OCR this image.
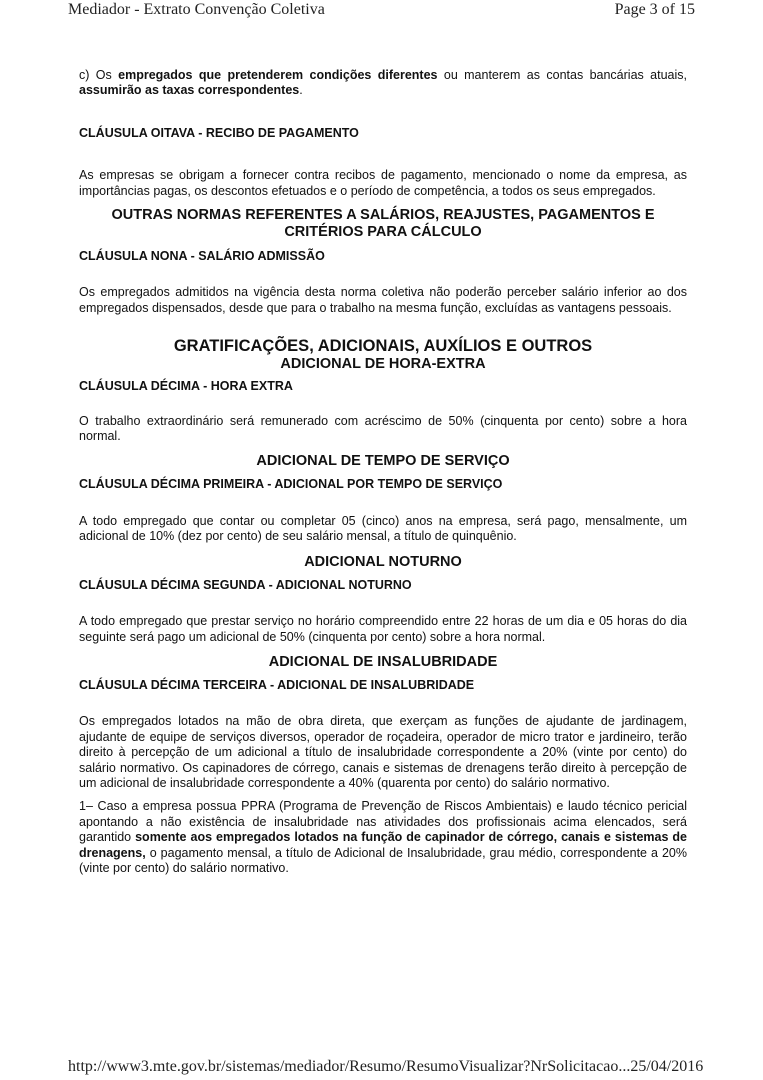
Mediador - Extrato Convenção Coletiva	Page 3 of 15

c) Os empregados que pretenderem condições diferentes ou manterem as contas bancárias atuais, assumirão as taxas correspondentes.

CLÁUSULA OITAVA - RECIBO DE PAGAMENTO

As empresas se obrigam a fornecer contra recibos de pagamento, mencionado o nome da empresa, as importâncias pagas, os descontos efetuados e o período de competência, a todos os seus empregados.

OUTRAS NORMAS REFERENTES A SALÁRIOS, REAJUSTES, PAGAMENTOS E

CRITÉRIOS PARA CÁLCULO

CLÁUSULA NONA - SALÁRIO ADMISSÃO

Os empregados admitidos na vigência desta norma coletiva não poderão perceber salário inferior ao dos empregados dispensados, desde que para o trabalho na mesma função, excluídas as vantagens pessoais.

GRATIFICAÇÕES, ADICIONAIS, AUXÍLIOS E OUTROS

ADICIONAL DE HORA-EXTRA

CLÁUSULA DÉCIMA - HORA EXTRA

O trabalho extraordinário será remunerado com acréscimo de 50% (cinquenta por cento) sobre a hora normal.

ADICIONAL DE TEMPO DE SERVIÇO

CLÁUSULA DÉCIMA PRIMEIRA - ADICIONAL POR TEMPO DE SERVIÇO

A todo empregado que contar ou completar 05 (cinco) anos na empresa, será pago, mensalmente, um adicional de 10% (dez por cento) de seu salário mensal, a título de quinquênio.

ADICIONAL NOTURNO

CLÁUSULA DÉCIMA SEGUNDA - ADICIONAL NOTURNO

A todo empregado que prestar serviço no horário compreendido entre 22 horas de um dia e 05 horas do dia seguinte será pago um adicional de 50% (cinquenta por cento) sobre a hora normal.

ADICIONAL DE INSALUBRIDADE

CLÁUSULA DÉCIMA TERCEIRA - ADICIONAL DE INSALUBRIDADE

Os empregados lotados na mão de obra direta, que exerçam as funções de ajudante de jardinagem, ajudante de equipe de serviços diversos, operador de roçadeira, operador de micro trator e jardineiro, terão direito à percepção de um adicional a título de insalubridade correspondente a 20% (vinte por cento) do salário normativo. Os capinadores de córrego, canais e sistemas de drenagens terão direito à percepção de um adicional de insalubridade correspondente a 40% (quarenta por cento) do salário normativo.

1– Caso a empresa possua PPRA (Programa de Prevenção de Riscos Ambientais) e laudo técnico pericial apontando a não existência de insalubridade nas atividades dos profissionais acima elencados, será garantido somente aos empregados lotados na função de capinador de córrego, canais e sistemas de drenagens, o pagamento mensal, a título de Adicional de Insalubridade, grau médio, correspondente a 20% (vinte por cento) do salário normativo.

http://www3.mte.gov.br/sistemas/mediador/Resumo/ResumoVisualizar?NrSolicitacao... 25/04/2016
